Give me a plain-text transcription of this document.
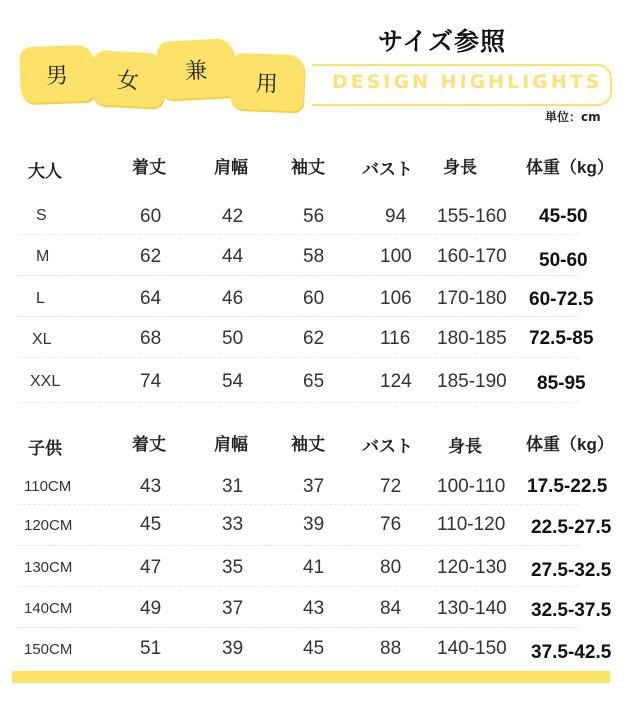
サイズ参照
男	女	兼	用	DESIGN HIGHLIGHTS
単位：cm
大人	着丈	肩幅	袖丈 バスト 身長	体重（kg）
S	60	42	56	94 155-160 45-50
M	62	44	58	100 160-170 50-60
L	64	46	60	106 170-180 60-72.5
XL	68	50	62	116 180-185 72.5-85
XXL	74	54	65	124 185-190 85-95
子供	着丈	肩幅	袖丈 バスト 身長	体重（kg）
110CM	43	31	37	72 100-110 17.5-22.5
120CM	45	33	39	76 110-120 22.5-27.5
130CM	47	35	41	80 120-130 27.5-32.5
140CM	49	37	43	84 130-140 32.5-37.5
150CM	51	39	45	88 140-150 37.5-42.5
